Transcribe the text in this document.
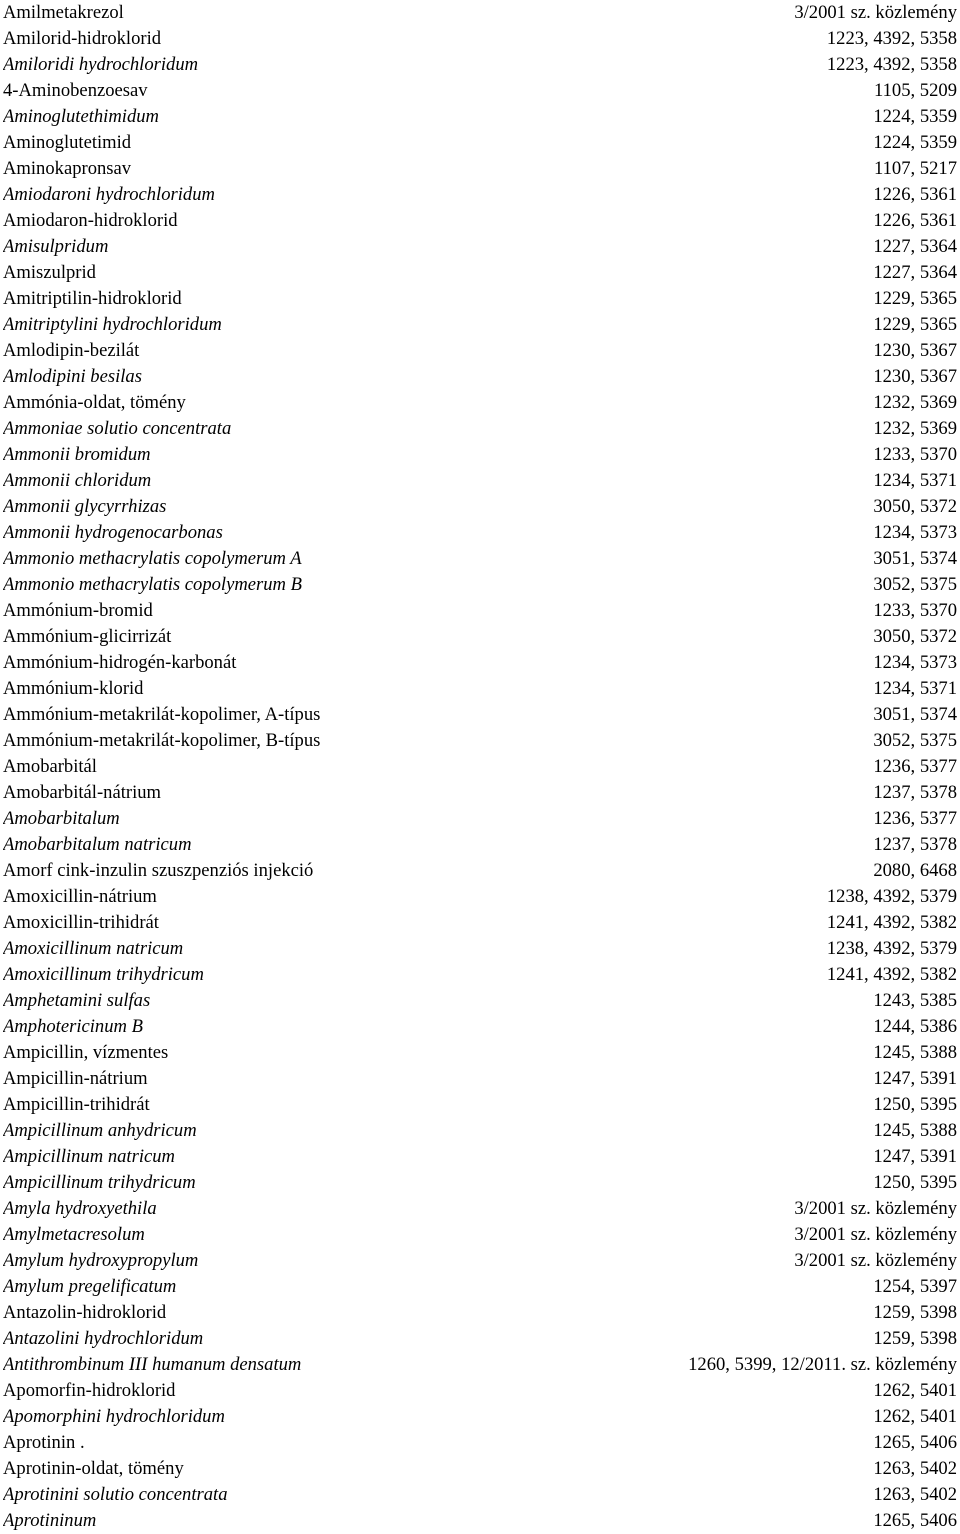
Amilmetakrezol	3/2001 sz. közlemény
Amilorid-hidroklorid	1223, 4392, 5358
Amiloridi hydrochloridum	1223, 4392, 5358
4-Aminobenzoesav	1105, 5209
Aminoglutethimidum	1224, 5359
Aminoglutetimid	1224, 5359
Aminokapronsav	1107, 5217
Amiodaroni hydrochloridum	1226, 5361
Amiodaron-hidroklorid	1226, 5361
Amisulpridum	1227, 5364
Amiszulprid	1227, 5364
Amitriptilin-hidroklorid	1229, 5365
Amitriptylini hydrochloridum	1229, 5365
Amlodipin-bezilát	1230, 5367
Amlodipini besilas	1230, 5367
Ammónia-oldat, tömény	1232, 5369
Ammoniae solutio concentrata	1232, 5369
Ammonii bromidum	1233, 5370
Ammonii chloridum	1234, 5371
Ammonii glycyrrhizas	3050, 5372
Ammonii hydrogenocarbonas	1234, 5373
Ammonio methacrylatis copolymerum A	3051, 5374
Ammonio methacrylatis copolymerum B	3052, 5375
Ammónium-bromid	1233, 5370
Ammónium-glicirrizát	3050, 5372
Ammónium-hidrogén-karbonát	1234, 5373
Ammónium-klorid	1234, 5371
Ammónium-metakrilát-kopolimer, A-típus	3051, 5374
Ammónium-metakrilát-kopolimer, B-típus	3052, 5375
Amobarbitál	1236, 5377
Amobarbitál-nátrium	1237, 5378
Amobarbitalum	1236, 5377
Amobarbitalum natricum	1237, 5378
Amorf cink-inzulin szuszpenziós injekció	2080, 6468
Amoxicillin-nátrium	1238, 4392, 5379
Amoxicillin-trihidrát	1241, 4392, 5382
Amoxicillinum natricum	1238, 4392, 5379
Amoxicillinum trihydricum	1241, 4392, 5382
Amphetamini sulfas	1243, 5385
Amphotericinum B	1244, 5386
Ampicillin, vízmentes	1245, 5388
Ampicillin-nátrium	1247, 5391
Ampicillin-trihidrát	1250, 5395
Ampicillinum anhydricum	1245, 5388
Ampicillinum natricum	1247, 5391
Ampicillinum trihydricum	1250, 5395
Amyla hydroxyethila	3/2001 sz. közlemény
Amylmetacresolum	3/2001 sz. közlemény
Amylum hydroxypropylum	3/2001 sz. közlemény
Amylum pregelificatum	1254, 5397
Antazolin-hidroklorid	1259, 5398
Antazolini hydrochloridum	1259, 5398
Antithrombinum III humanum densatum	1260, 5399, 12/2011. sz. közlemény
Apomorfin-hidroklorid	1262, 5401
Apomorphini hydrochloridum	1262, 5401
Aprotinin .	1265, 5406
Aprotinin-oldat, tömény	1263, 5402
Aprotinini solutio concentrata	1263, 5402
Aprotininum	1265, 5406
